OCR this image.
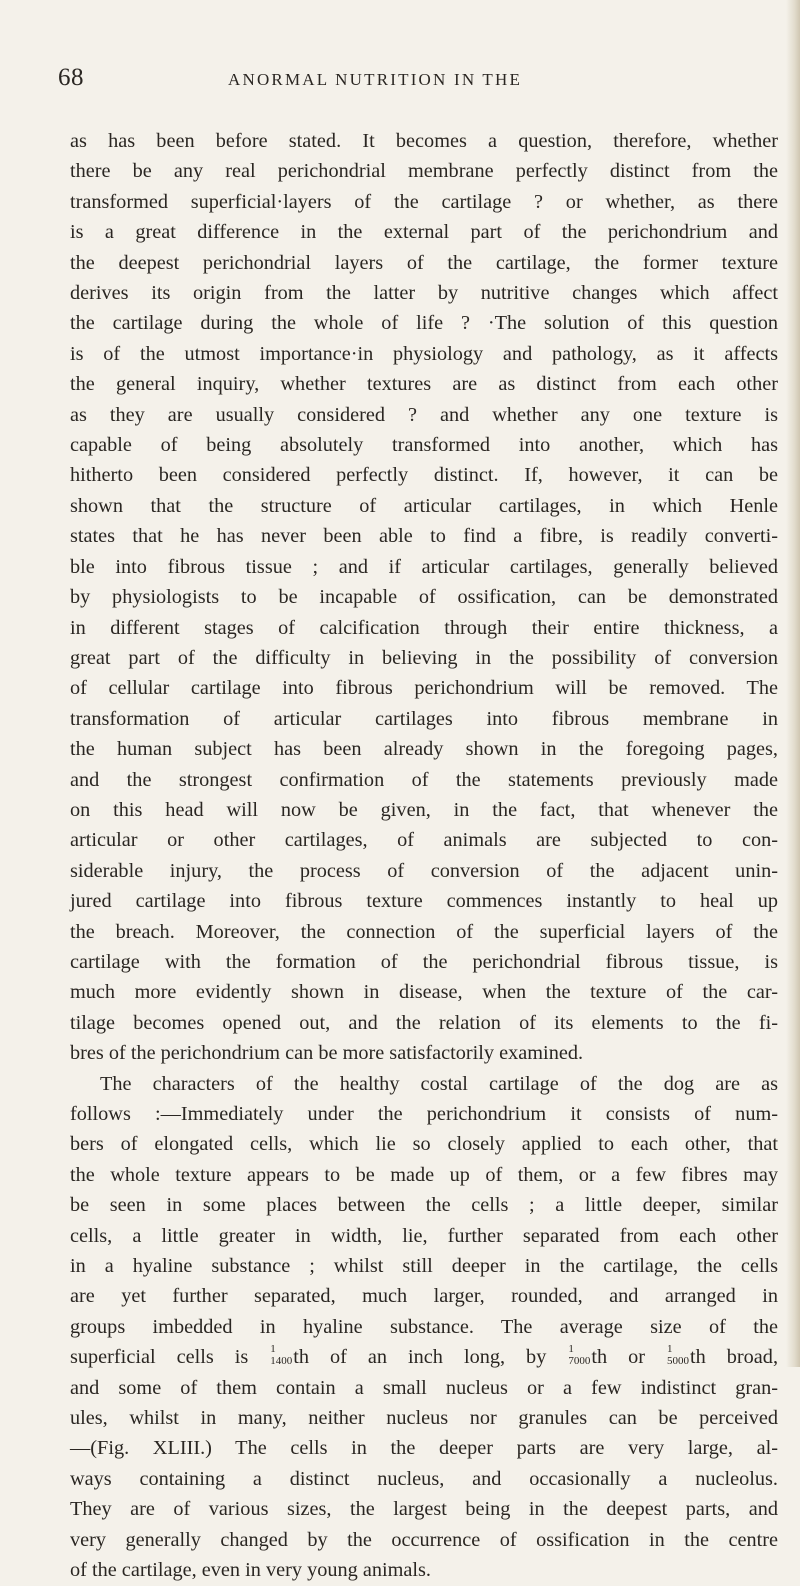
68	ANORMAL NUTRITION IN THE
as has been before stated. It becomes a question, therefore, whether
there be any real perichondrial membrane perfectly distinct from the
transformed superficial·layers of the cartilage ? or whether, as there
is a great difference in the external part of the perichondrium and
the deepest perichondrial layers of the cartilage, the former texture
derives its origin from the latter by nutritive changes which affect
the cartilage during the whole of life ? ·The solution of this question
is of the utmost importance·in physiology and pathology, as it affects
the general inquiry, whether textures are as distinct from each other
as they are usually considered ? and whether any one texture is
capable of being absolutely transformed into another, which has
hitherto been considered perfectly distinct. If, however, it can be
shown that the structure of articular cartilages, in which Henle
states that he has never been able to find a fibre, is readily converti-
ble into fibrous tissue ; and if articular cartilages, generally believed
by physiologists to be incapable of ossification, can be demonstrated
in different stages of calcification through their entire thickness, a
great part of the difficulty in believing in the possibility of conversion
of cellular cartilage into fibrous perichondrium will be removed. The
transformation of articular cartilages into fibrous membrane in
the human subject has been already shown in the foregoing pages,
and the strongest confirmation of the statements previously made
on this head will now be given, in the fact, that whenever the
articular or other cartilages, of animals are subjected to con-
siderable injury, the process of conversion of the adjacent unin-
jured cartilage into fibrous texture commences instantly to heal up
the breach. Moreover, the connection of the superficial layers of the
cartilage with the formation of the perichondrial fibrous tissue, is
much more evidently shown in disease, when the texture of the car-
tilage becomes opened out, and the relation of its elements to the fi-
bres of the perichondrium can be more satisfactorily examined.
The characters of the healthy costal cartilage of the dog are as
follows :—Immediately under the perichondrium it consists of num-
bers of elongated cells, which lie so closely applied to each other, that
the whole texture appears to be made up of them, or a few fibres may
be seen in some places between the cells ; a little deeper, similar
cells, a little greater in width, lie, further separated from each other
in a hyaline substance ; whilst still deeper in the cartilage, the cells
are yet further separated, much larger, rounded, and arranged in
groups imbedded in hyaline substance. The average size of the
superficial cells is 1
1400 th of an inch long, by 1
7000 th or 1
5000 th broad,
and some of them contain a small nucleus or a few indistinct gran-
ules, whilst in many, neither nucleus nor granules can be perceived
—(Fig. XLIII.) The cells in the deeper parts are very large, al-
ways containing a distinct nucleus, and occasionally a nucleolus.
They are of various sizes, the largest being in the deepest parts, and
very generally changed by the occurrence of ossification in the centre
of the cartilage, even in very young animals.
